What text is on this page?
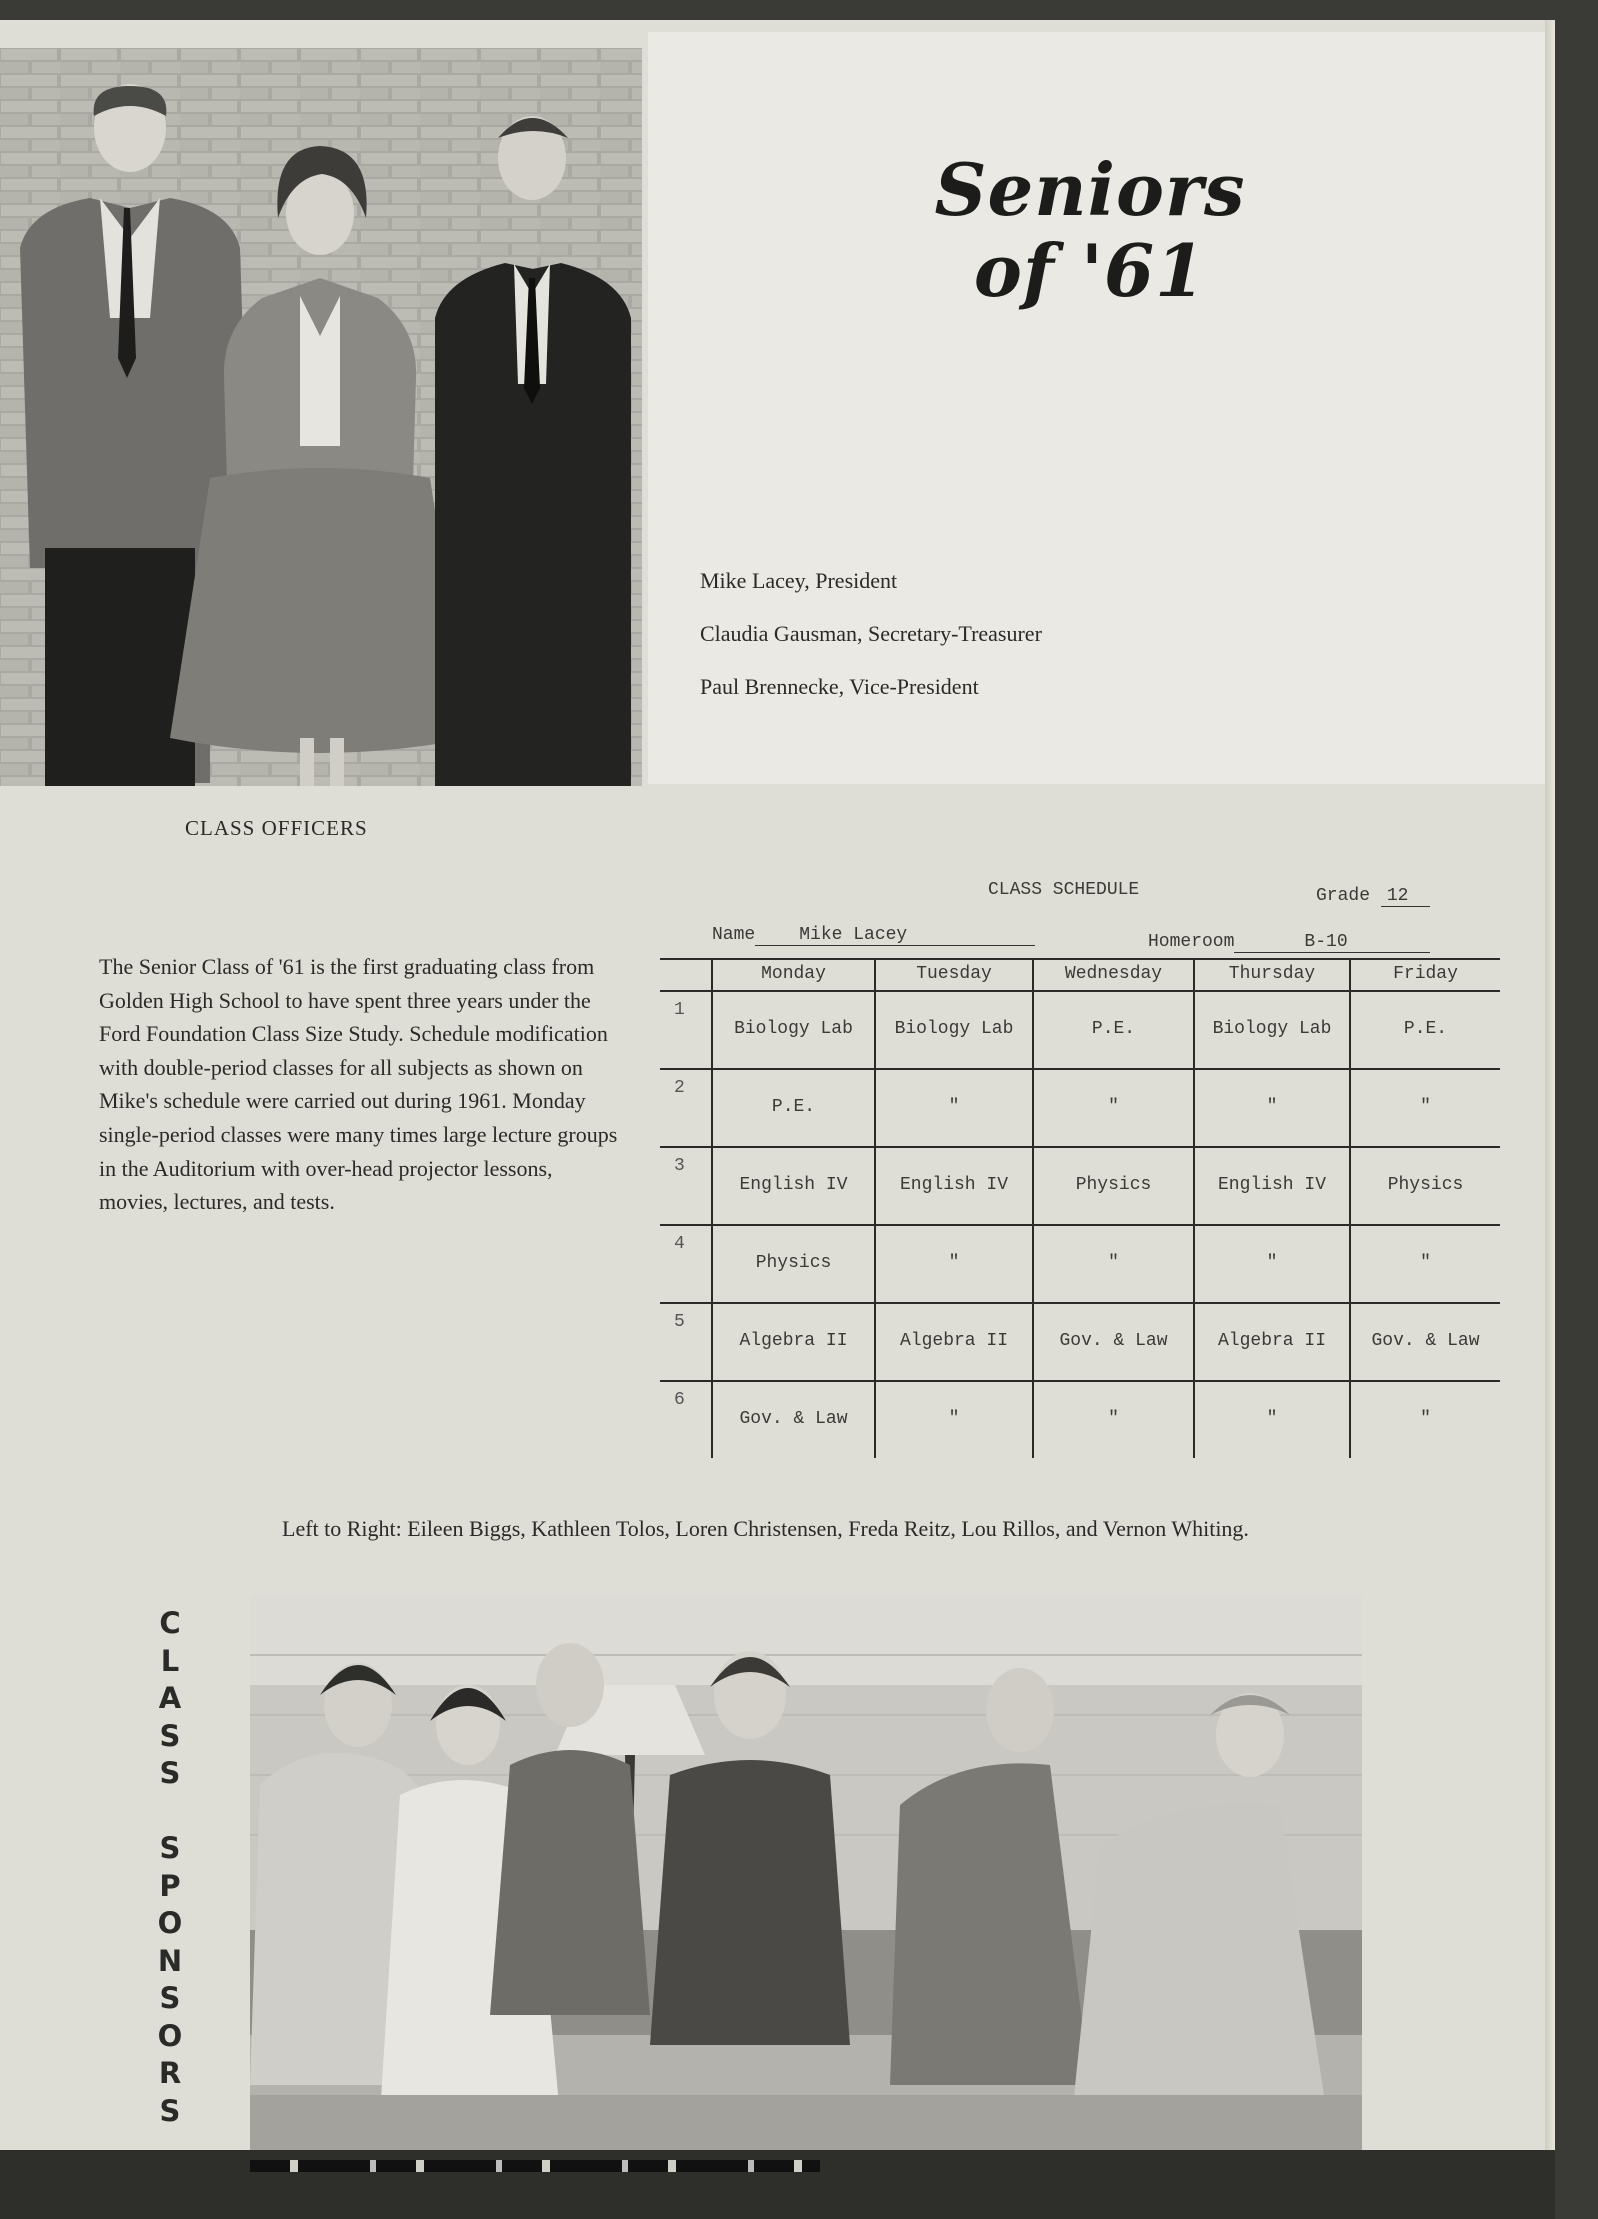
Seniors
of '61
Mike Lacey, President
Claudia Gausman, Secretary-Treasurer
Paul Brennecke, Vice-President
CLASS OFFICERS
The Senior Class of '61 is the first graduating class from Golden High School to have spent three years under the Ford Foundation Class Size Study. Schedule modification with double-period classes for all subjects as shown on Mike's schedule were carried out during 1961. Monday single-period classes were many times large lecture groups in the Auditorium with over-head projector lessons, movies, lectures, and tests.
CLASS SCHEDULE	Grade 12
Name Mike Lacey	Homeroom	B-10
	Monday	Tuesday	Wednesday	Thursday	Friday
1	Biology Lab	Biology Lab	P.E.	Biology Lab	P.E.
2	P.E.	"	"	"	"
3	English IV	English IV	Physics	English IV	Physics
4	Physics	"	"	"	"
5	Algebra II	Algebra II	Gov. & Law	Algebra II	Gov. & Law
6	Gov. & Law	"	"	"	"
Left to Right: Eileen Biggs, Kathleen Tolos, Loren Christensen, Freda Reitz, Lou Rillos, and Vernon Whiting.
C
L
A
S
S

S
P
O
N
S
O
R
S
